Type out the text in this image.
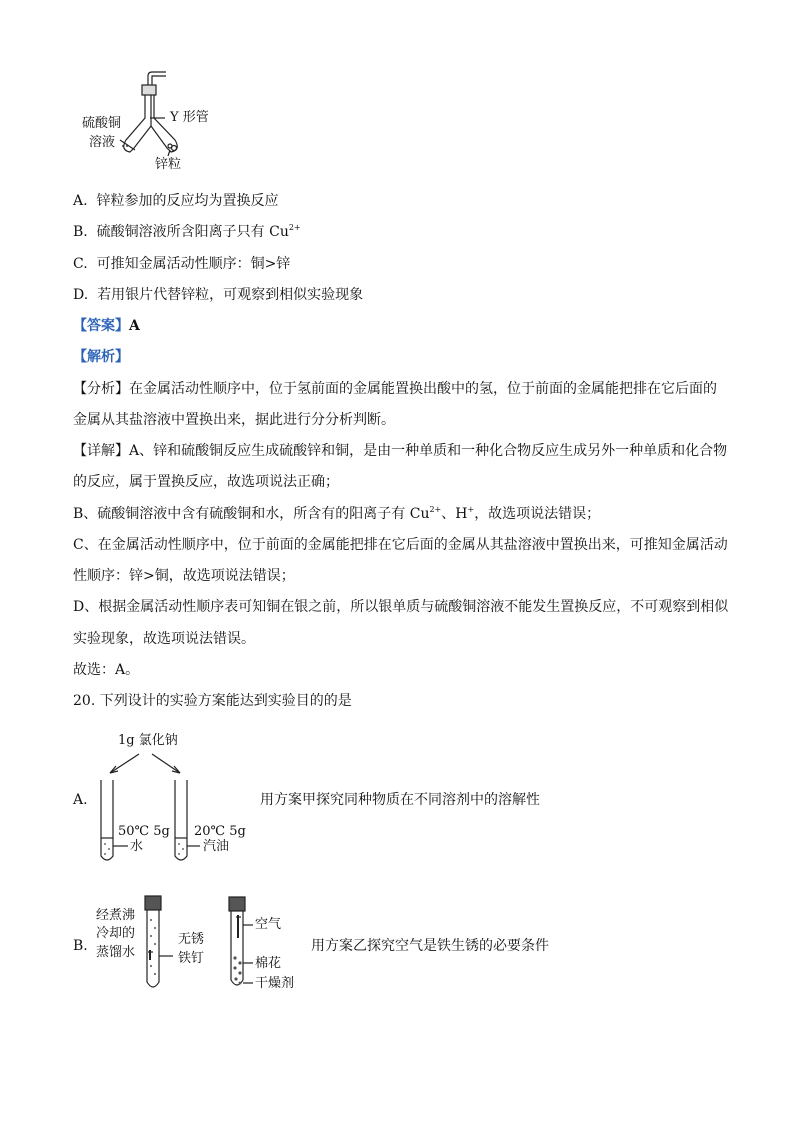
硫酸铜
溶液
Y 形管
锌粒
A. 锌粒参加的反应均为置换反应
B. 硫酸铜溶液所含阳离子只有 $Cu^{2+}$
C. 可推知金属活动性顺序：铜>锌
D. 若用银片代替锌粒，可观察到相似实验现象
【答案】A
【解析】
【分析】在金属活动性顺序中，位于氢前面的金属能置换出酸中的氢，位于前面的金属能把排在它后面的
金属从其盐溶液中置换出来，据此进行分分析判断。
【详解】A、锌和硫酸铜反应生成硫酸锌和铜，是由一种单质和一种化合物反应生成另外一种单质和化合物
的反应，属于置换反应，故选项说法正确；
B、硫酸铜溶液中含有硫酸铜和水，所含有的阳离子有 $Cu^{2+}$、H+，故选项说法错误；
C、在金属活动性顺序中，位于前面的金属能把排在它后面的金属从其盐溶液中置换出来，可推知金属活动
性顺序：锌>铜，故选项说法错误；
D、根据金属活动性顺序表可知铜在银之前，所以银单质与硫酸铜溶液不能发生置换反应，不可观察到相似
实验现象，故选项说法错误。
故选：A。
20. 下列设计的实验方案能达到实验目的的是
1g 氯化钠
A.
50℃ 5g
水
20℃ 5g
汽油
用方案甲探究同种物质在不同溶剂中的溶解性
经煮沸
冷却的
蒸馏水
B.	无锈
铁钉
空气
棉花
干燥剂
用方案乙探究空气是铁生锈的必要条件
